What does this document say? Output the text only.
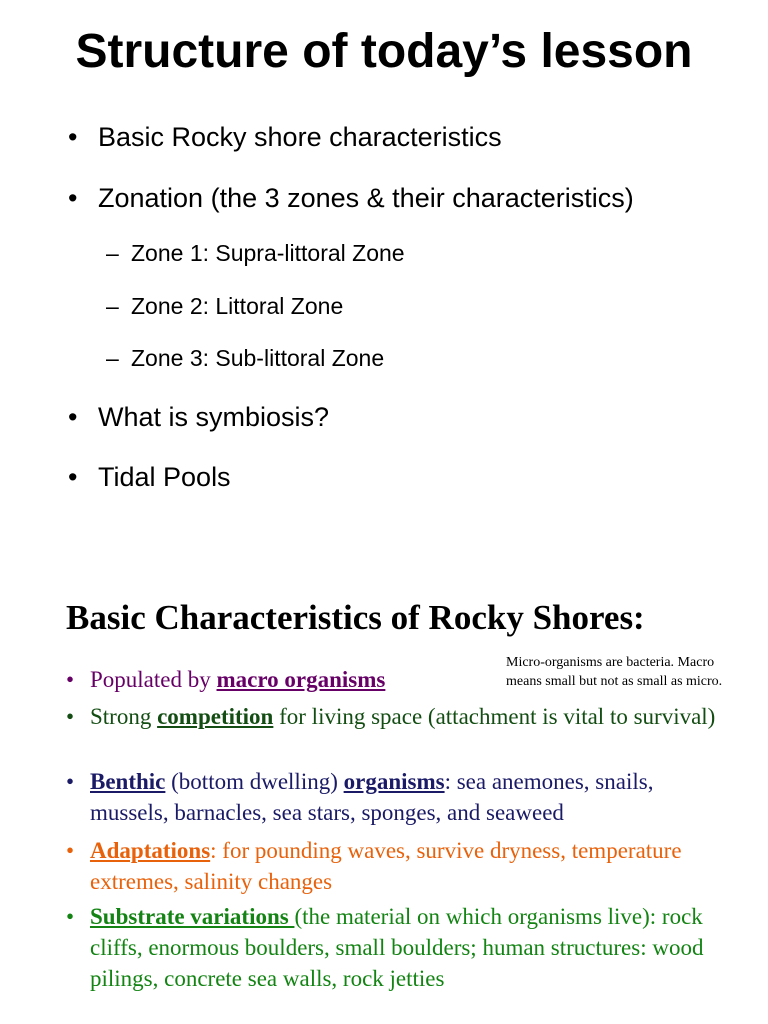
Structure of today’s lesson
• Basic Rocky shore characteristics
• Zonation (the 3 zones & their characteristics)
– Zone 1: Supra-littoral Zone
– Zone 2: Littoral Zone
– Zone 3: Sub-littoral Zone
• What is symbiosis?
• Tidal Pools
Basic Characteristics of Rocky Shores:
Micro-organisms are bacteria. Macro means small but not as small as micro.
• Populated by macro organisms
• Strong competition for living space (attachment is vital to survival)
• Benthic (bottom dwelling) organisms: sea anemones, snails, mussels, barnacles, sea stars, sponges, and seaweed
• Adaptations: for pounding waves, survive dryness, temperature extremes, salinity changes
• Substrate variations (the material on which organisms live): rock cliffs, enormous boulders, small boulders; human structures: wood pilings, concrete sea walls, rock jetties
